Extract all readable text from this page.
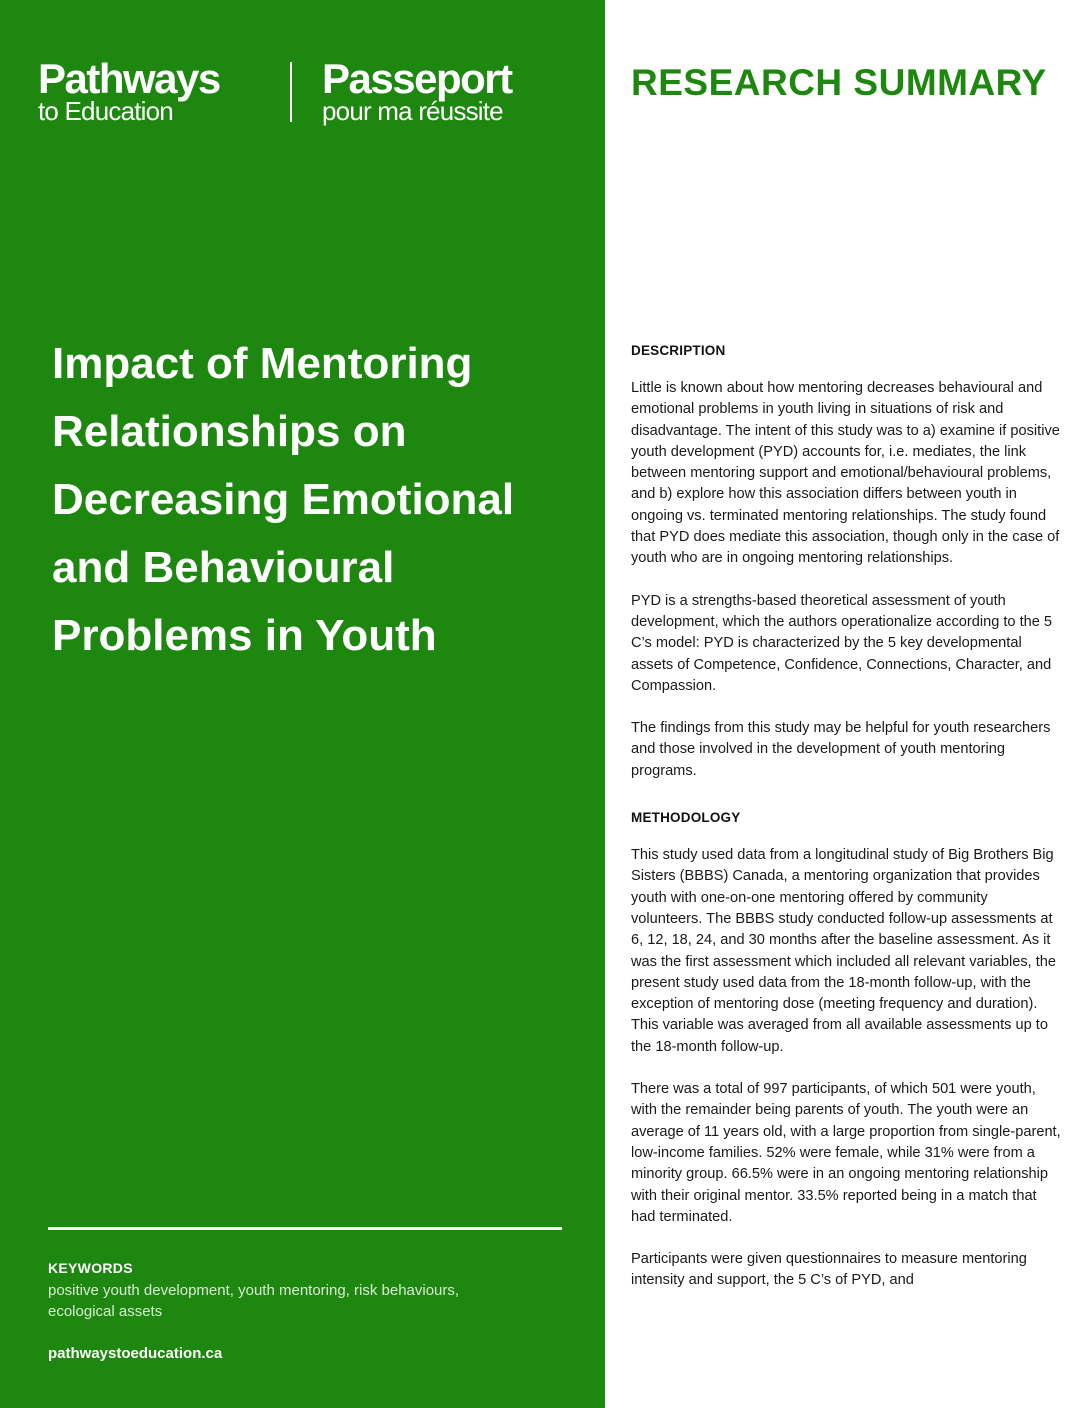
Pathways
to Education
Passeport
pour ma réussite
Impact of Mentoring Relationships on Decreasing Emotional and Behavioural Problems in Youth
KEYWORDS
positive youth development, youth mentoring, risk behaviours, ecological assets
pathwaystoeducation.ca
RESEARCH SUMMARY
DESCRIPTION

Little is known about how mentoring decreases behavioural and emotional problems in youth living in situations of risk and disadvantage. The intent of this study was to a) examine if positive youth development (PYD) accounts for, i.e. mediates, the link between mentoring support and emotional/behavioural problems, and b) explore how this association differs between youth in ongoing vs. terminated mentoring relationships. The study found that PYD does mediate this association, though only in the case of youth who are in ongoing mentoring relationships.

PYD is a strengths-based theoretical assessment of youth development, which the authors operationalize according to the 5 C’s model: PYD is characterized by the 5 key developmental assets of Competence, Confidence, Connections, Character, and Compassion.

The findings from this study may be helpful for youth researchers and those involved in the development of youth mentoring programs.

METHODOLOGY

This study used data from a longitudinal study of Big Brothers Big Sisters (BBBS) Canada, a mentoring organization that provides youth with one-on-one mentoring offered by community volunteers. The BBBS study conducted follow-up assessments at 6, 12, 18, 24, and 30 months after the baseline assessment. As it was the first assessment which included all relevant variables, the present study used data from the 18-month follow-up, with the exception of mentoring dose (meeting frequency and duration). This variable was averaged from all available assessments up to the 18-month follow-up.

There was a total of 997 participants, of which 501 were youth, with the remainder being parents of youth. The youth were an average of 11 years old, with a large proportion from single-parent, low-income families. 52% were female, while 31% were from a minority group. 66.5% were in an ongoing mentoring relationship with their original mentor. 33.5% reported being in a match that had terminated.

Participants were given questionnaires to measure mentoring intensity and support, the 5 C’s of PYD, and
